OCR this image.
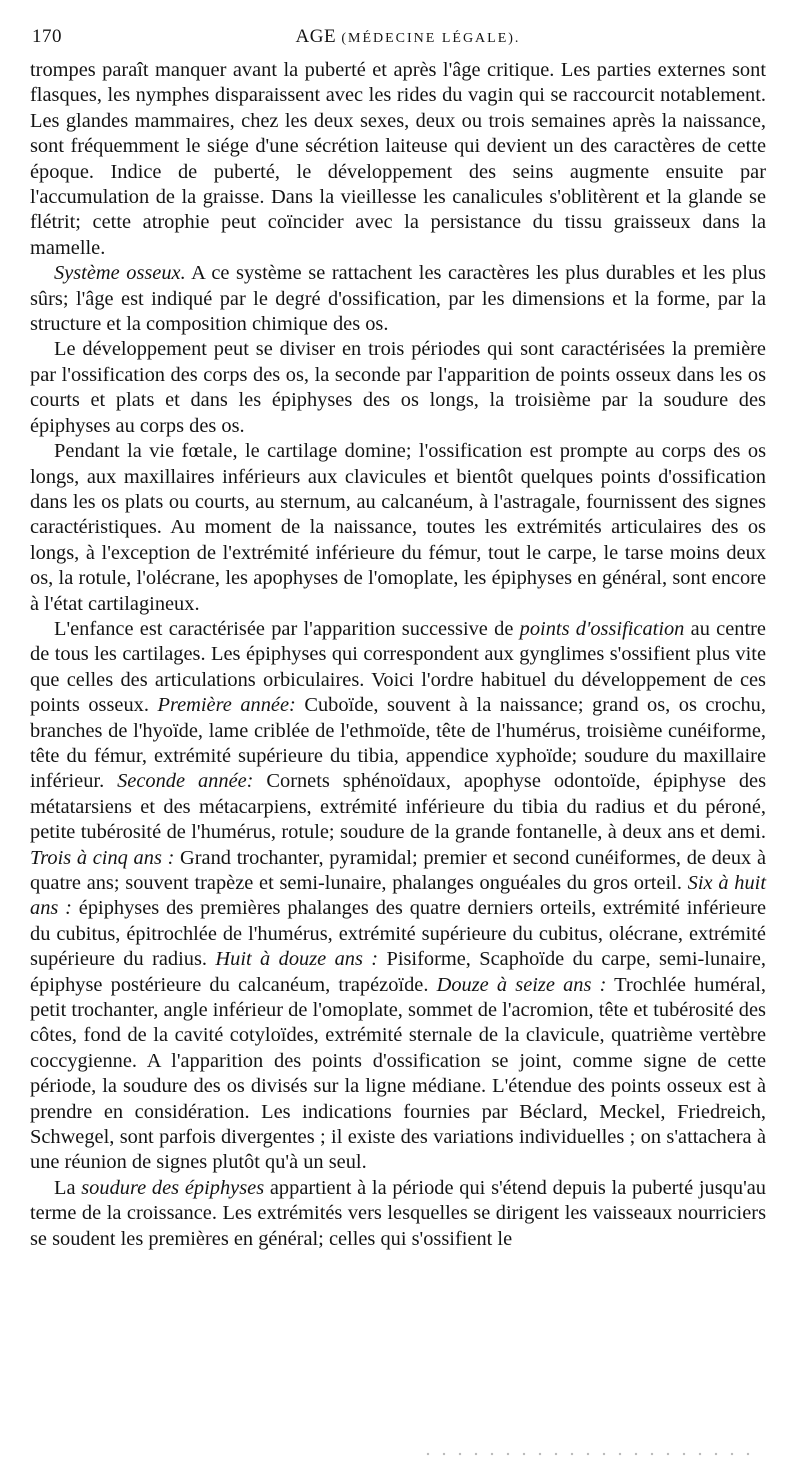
170	AGE (MÉDECINE LÉGALE).

trompes paraît manquer avant la puberté et après l'âge critique. Les parties externes sont flasques, les nymphes disparaissent avec les rides du vagin qui se raccourcit notablement. Les glandes mammaires, chez les deux sexes, deux ou trois semaines après la naissance, sont fréquemment le siége d'une sécrétion laiteuse qui devient un des caractères de cette époque. Indice de puberté, le développement des seins augmente ensuite par l'accumulation de la graisse. Dans la vieillesse les canalicules s'oblitèrent et la glande se flétrit; cette atrophie peut coïncider avec la persistance du tissu graisseux dans la mamelle.

Système osseux. A ce système se rattachent les caractères les plus durables et les plus sûrs; l'âge est indiqué par le degré d'ossification, par les dimensions et la forme, par la structure et la composition chimique des os.

Le développement peut se diviser en trois périodes qui sont caractérisées la première par l'ossification des corps des os, la seconde par l'apparition de points osseux dans les os courts et plats et dans les épiphyses des os longs, la troisième par la soudure des épiphyses au corps des os.

Pendant la vie fœtale, le cartilage domine; l'ossification est prompte au corps des os longs, aux maxillaires inférieurs aux clavicules et bientôt quelques points d'ossification dans les os plats ou courts, au sternum, au calcanéum, à l'astragale, fournissent des signes caractéristiques. Au moment de la naissance, toutes les extrémités articulaires des os longs, à l'exception de l'extrémité inférieure du fémur, tout le carpe, le tarse moins deux os, la rotule, l'olécrane, les apophyses de l'omoplate, les épiphyses en général, sont encore à l'état cartilagineux.

L'enfance est caractérisée par l'apparition successive de points d'ossification au centre de tous les cartilages. Les épiphyses qui correspondent aux gynglimes s'ossifient plus vite que celles des articulations orbiculaires. Voici l'ordre habituel du développement de ces points osseux. Première année: Cuboïde, souvent à la naissance; grand os, os crochu, branches de l'hyoïde, lame criblée de l'ethmoïde, tête de l'humérus, troisième cunéiforme, tête du fémur, extrémité supérieure du tibia, appendice xyphoïde; soudure du maxillaire inférieur. Seconde année: Cornets sphénoïdaux, apophyse odontoïde, épiphyse des métatarsiens et des métacarpiens, extrémité inférieure du tibia du radius et du péroné, petite tubérosité de l'humérus, rotule; soudure de la grande fontanelle, à deux ans et demi. Trois à cinq ans : Grand trochanter, pyramidal; premier et second cunéiformes, de deux à quatre ans; souvent trapèze et semi-lunaire, phalanges onguéales du gros orteil. Six à huit ans : épiphyses des premières phalanges des quatre derniers orteils, extrémité inférieure du cubitus, épitrochlée de l'humérus, extrémité supérieure du cubitus, olécrane, extrémité supérieure du radius. Huit à douze ans : Pisiforme, Scaphoïde du carpe, semi-lunaire, épiphyse postérieure du calcanéum, trapézoïde. Douze à seize ans : Trochlée huméral, petit trochanter, angle inférieur de l'omoplate, sommet de l'acromion, tête et tubérosité des côtes, fond de la cavité cotyloïdes, extrémité sternale de la clavicule, quatrième vertèbre coccygienne. A l'apparition des points d'ossification se joint, comme signe de cette période, la soudure des os divisés sur la ligne médiane. L'étendue des points osseux est à prendre en considération. Les indications fournies par Béclard, Meckel, Friedreich, Schwegel, sont parfois divergentes ; il existe des variations individuelles ; on s'attachera à une réunion de signes plutôt qu'à un seul.

La soudure des épiphyses appartient à la période qui s'étend depuis la puberté jusqu'au terme de la croissance. Les extrémités vers lesquelles se dirigent les vaisseaux nourriciers se soudent les premières en général; celles qui s'ossifient le
